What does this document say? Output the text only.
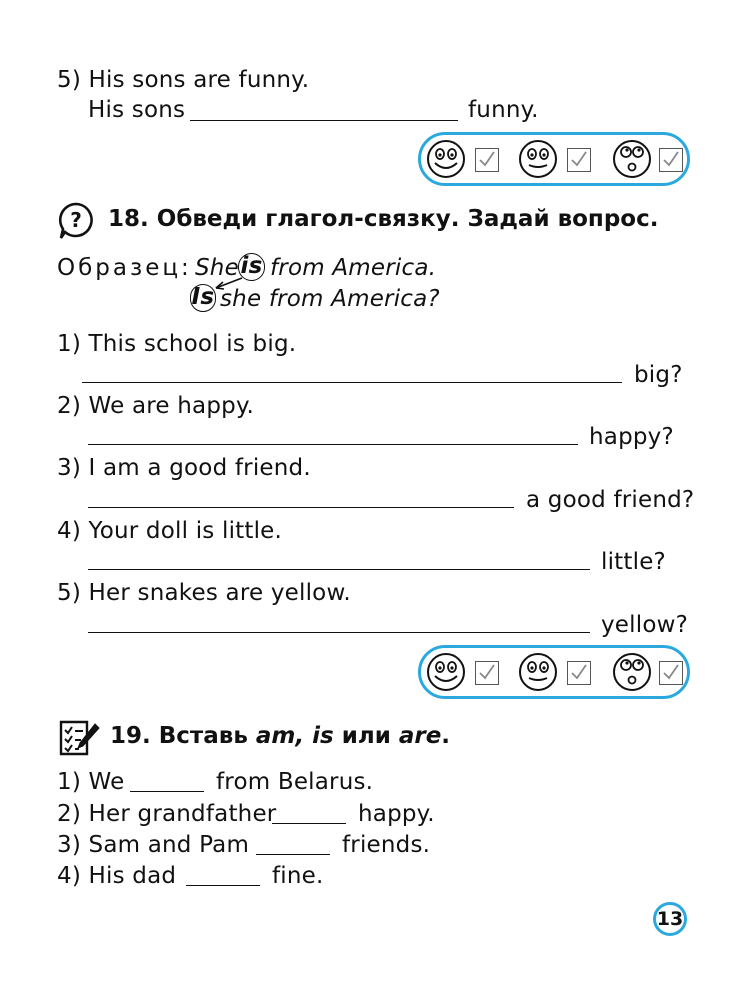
5) His sons are funny.
His sons	funny.
? 18. Обведи глагол-связку. Задай вопрос.
Образец: She is from America.
Is she from America?
1) This school is big.
big?
2) We are happy.
happy?
3) I am a good friend.
a good friend?
4) Your doll is little.
little?
5) Her snakes are yellow.
yellow?
19. Вставь am, is или are.
1) We	from Belarus.
2) Her grandfather	happy.
3) Sam and Pam	friends.
4) His dad	fine.
13
